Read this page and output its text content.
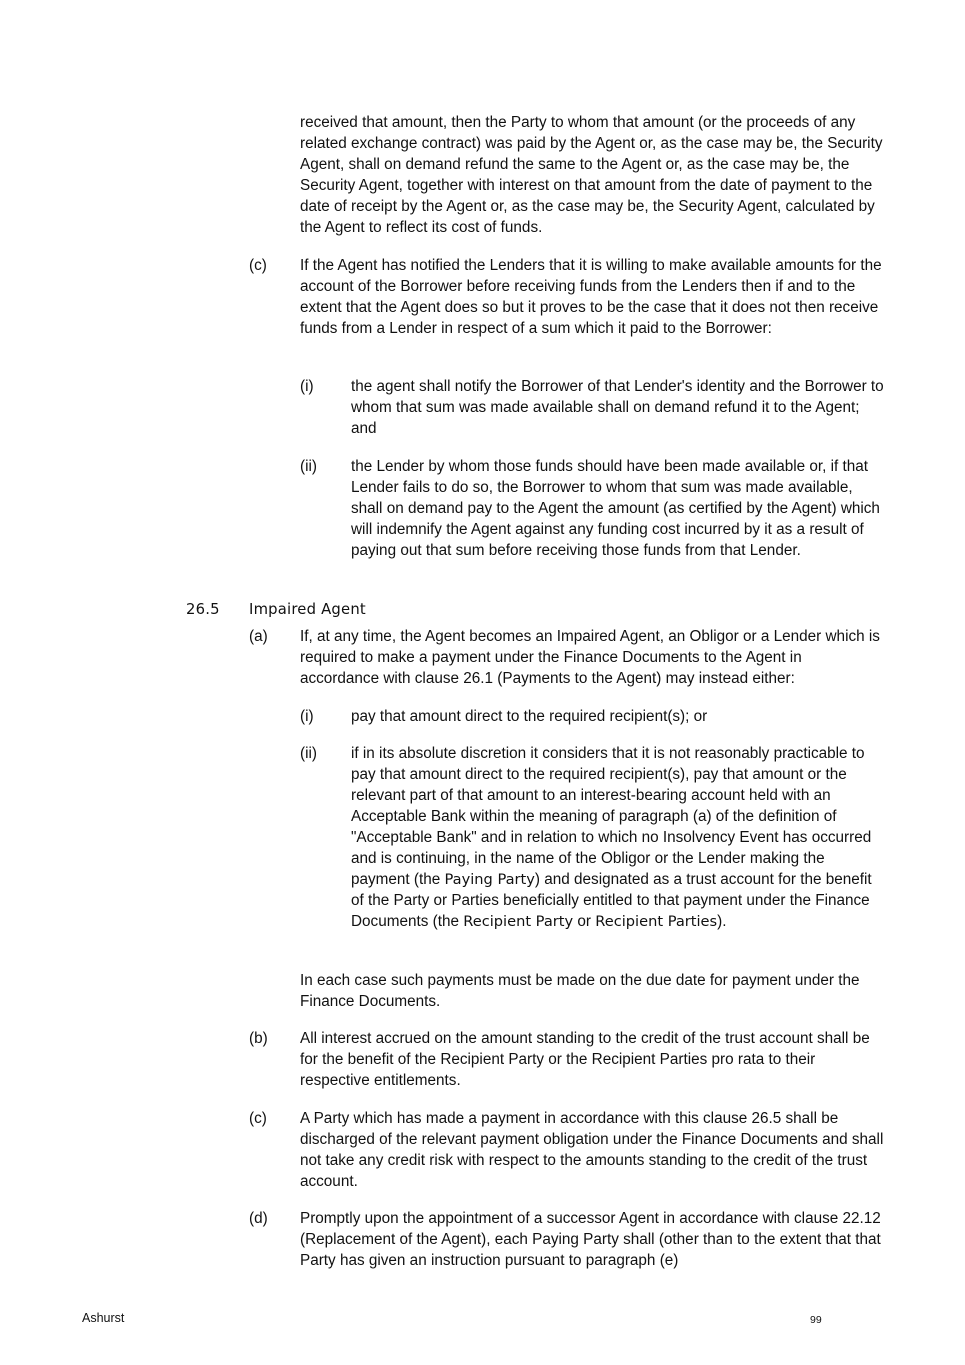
received that amount, then the Party to whom that amount (or the proceeds of any related exchange contract) was paid by the Agent or, as the case may be, the Security Agent, shall on demand refund the same to the Agent or, as the case may be, the Security Agent, together with interest on that amount from the date of payment to the date of receipt by the Agent or, as the case may be, the Security Agent, calculated by the Agent to reflect its cost of funds.
(c) If the Agent has notified the Lenders that it is willing to make available amounts for the account of the Borrower before receiving funds from the Lenders then if and to the extent that the Agent does so but it proves to be the case that it does not then receive funds from a Lender in respect of a sum which it paid to the Borrower:
(i) the agent shall notify the Borrower of that Lender's identity and the Borrower to whom that sum was made available shall on demand refund it to the Agent; and
(ii) the Lender by whom those funds should have been made available or, if that Lender fails to do so, the Borrower to whom that sum was made available, shall on demand pay to the Agent the amount (as certified by the Agent) which will indemnify the Agent against any funding cost incurred by it as a result of paying out that sum before receiving those funds from that Lender.
26.5 Impaired Agent
(a) If, at any time, the Agent becomes an Impaired Agent, an Obligor or a Lender which is required to make a payment under the Finance Documents to the Agent in accordance with clause 26.1 (Payments to the Agent) may instead either:
(i) pay that amount direct to the required recipient(s); or
(ii) if in its absolute discretion it considers that it is not reasonably practicable to pay that amount direct to the required recipient(s), pay that amount or the relevant part of that amount to an interest-bearing account held with an Acceptable Bank within the meaning of paragraph (a) of the definition of "Acceptable Bank" and in relation to which no Insolvency Event has occurred and is continuing, in the name of the Obligor or the Lender making the payment (the Paying Party) and designated as a trust account for the benefit of the Party or Parties beneficially entitled to that payment under the Finance Documents (the Recipient Party or Recipient Parties).
In each case such payments must be made on the due date for payment under the Finance Documents.
(b) All interest accrued on the amount standing to the credit of the trust account shall be for the benefit of the Recipient Party or the Recipient Parties pro rata to their respective entitlements.
(c) A Party which has made a payment in accordance with this clause 26.5 shall be discharged of the relevant payment obligation under the Finance Documents and shall not take any credit risk with respect to the amounts standing to the credit of the trust account.
(d) Promptly upon the appointment of a successor Agent in accordance with clause 22.12 (Replacement of the Agent), each Paying Party shall (other than to the extent that that Party has given an instruction pursuant to paragraph (e)
Ashurst	99
